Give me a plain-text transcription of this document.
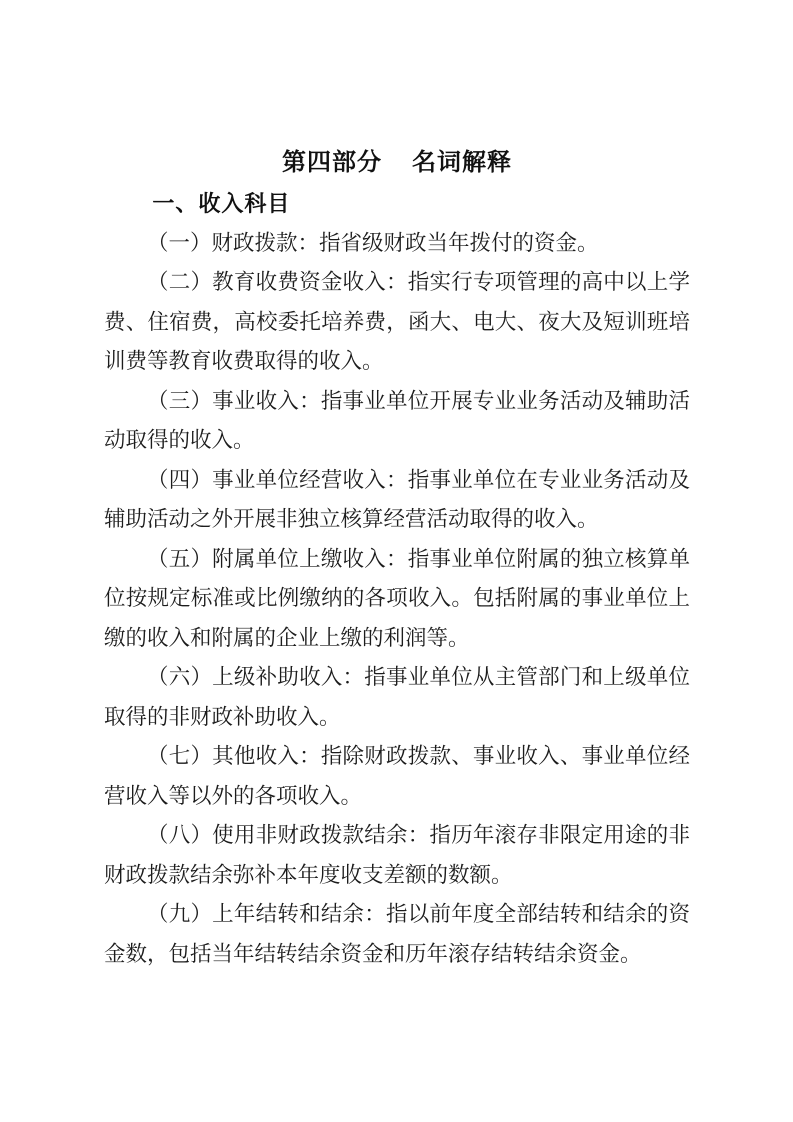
第四部分 名词解释
一、收入科目

（一）财政拨款：指省级财政当年拨付的资金。

（二）教育收费资金收入：指实行专项管理的高中以上学费、住宿费，高校委托培养费，函大、电大、夜大及短训班培训费等教育收费取得的收入。

（三）事业收入：指事业单位开展专业业务活动及辅助活动取得的收入。

（四）事业单位经营收入：指事业单位在专业业务活动及辅助活动之外开展非独立核算经营活动取得的收入。

（五）附属单位上缴收入：指事业单位附属的独立核算单位按规定标准或比例缴纳的各项收入。包括附属的事业单位上缴的收入和附属的企业上缴的利润等。

（六）上级补助收入：指事业单位从主管部门和上级单位取得的非财政补助收入。

（七）其他收入：指除财政拨款、事业收入、事业单位经营收入等以外的各项收入。

（八）使用非财政拨款结余：指历年滚存非限定用途的非财政拨款结余弥补本年度收支差额的数额。

（九）上年结转和结余：指以前年度全部结转和结余的资金数，包括当年结转结余资金和历年滚存结转结余资金。
